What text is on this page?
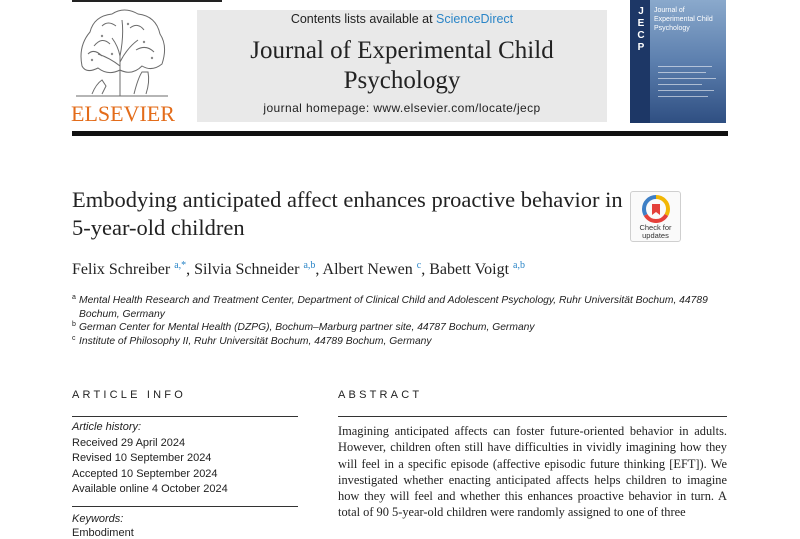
ELSEVIER
Contents lists available at ScienceDirect
Journal of Experimental Child Psychology
journal homepage: www.elsevier.com/locate/jecp
J
E
C
P
Journal of Experimental Child Psychology
Embodying anticipated affect enhances proactive behavior in 5-year-old children	Check for updates
Felix Schreiber $^{a,*}$, Silvia Schneider $^{a,b}$, Albert Newen $^c$, Babett Voigt $^{a,b}$
a Mental Health Research and Treatment Center, Department of Clinical Child and Adolescent Psychology, Ruhr Universität Bochum, 44789 Bochum, Germany
b German Center for Mental Health (DZPG), Bochum–Marburg partner site, 44787 Bochum, Germany
c Institute of Philosophy II, Ruhr Universität Bochum, 44789 Bochum, Germany
ARTICLE INFO	ABSTRACT
Article history:
Received 29 April 2024
Revised 10 September 2024
Accepted 10 September 2024
Available online 4 October 2024
Keywords:
Embodiment
Imagining anticipated affects can foster future-oriented behavior in adults. However, children often still have difficulties in vividly imagining how they will feel in a specific episode (affective episodic future thinking [EFT]). We investigated whether enacting anticipated affects helps children to imagine how they will feel and whether this enhances proactive behavior in turn. A total of 90 5-year-old children were randomly assigned to one of three
